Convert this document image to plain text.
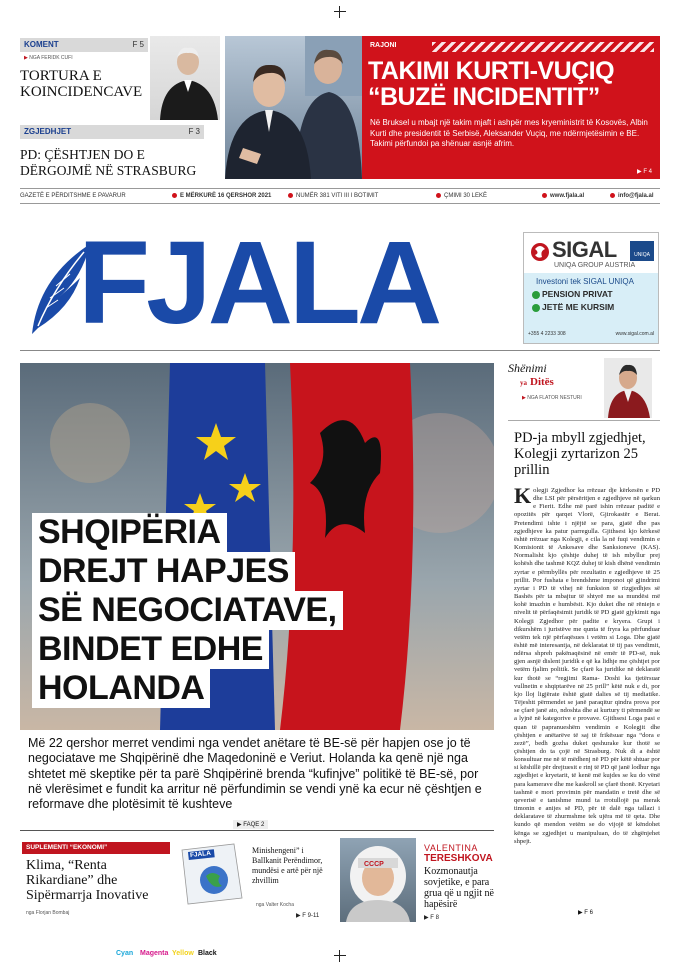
KOMENT	F 5
▶ NGA FERIDK CUFI
TORTURA E KOINCIDENCAVE
ZGJEDHJET	F 3
PD: ÇËSHTJEN DO E DËRGOJMË NË STRASBURG
RAJONI
TAKIMI KURTI-VUÇIQ
“BUZË INCIDENTIT”

Në Bruksel u mbajt një takim mjaft i ashpër mes kryeministrit të Kosovës, Albin Kurti dhe presidentit të Serbisë, Aleksander Vuçiq, me ndërmjetësimin e BE. Takimi përfundoi pa shënuar asnjë afrim.

▶ F 4
GAZETË E PËRDITSHME E PAVARUR	E MËRKURË 16 QERSHOR 2021	NUMËR 381 VITI III I BOTIMIT	ÇMIMI 30 LEKË	www.fjala.al	info@fjala.al
FJALA	SIGAL
UNIQA GROUP AUSTRIA
UNIQA
Investoni tek SIGAL UNIQA
PENSION PRIVAT
JETË ME KURSIM
+355 4 2233 308	www.sigal.com.al
SHQIPËRIA
DREJT HAPJES
SË NEGOCIATAVE,
BINDET EDHE
HOLANDA
Më 22 qershor merret vendimi nga vendet anëtare të BE-së për hapjen ose jo të negociatave me Shqipërinë dhe Maqedoninë e Veriut. Holanda ka qenë një nga shtetet më skeptike për ta parë Shqipërinë brenda “kufinjve” politikë të BE-së, por në vlerësimet e fundit ka arritur në përfundimin se vendi ynë ka ecur në çështjen e reformave dhe plotësimit të kushteve
▶ FAQE 2
Shënimi
ya Ditës
▶ NGA FLATOR NESTURI
PD-ja mbyll zgjedhjet, Kolegji zyrtarizon 25 prillin
Kolegji Zgjedhor ka rrëzuar dje kërkesën e PD dhe LSI për përsëritjen e zgjedhjeve në qarkun e Fierit. Edhe më parë ishin rrëzuar paditë e opozitës për qarqet Vlorë, Gjirokastër e Berat. Pretendimi ishte i njëjtë se para, gjatë dhe pas zgjedhjeve ka patur parregulla. Gjithsesi kjo kërkesë është rrëzuar nga Kolegji, e cila la në fuqi vendimin e Komisionit të Ankesave dhe Sanksioneve (KAS). Normalisht kjo çështje duhej të ish mbyllur prej kohësh dhe tashmë KQZ duhej të kish dhënë vendimin zyrtar e përmbyllës për rezultatin e zgjedhjeve të 25 prillit. Por fushata e brendshme imponoi që gjindrimi zyrtar i PD të vihej në funksion të rizgjedhjes së Bashës për ta mbajtur të shtyrë me sa mundësi më kohë imazhin e humbësit. Kjo duket dhe në rëniejn e nivelit të përfaqësimit juridik të PD gjatë gjykimit nga Kolegji Zgjedhor për padite e kryera. Grupi i dikurshëm i juristëve me qunta të fryra ka përfunduar vetëm tek një përfaqësues i vetëm si Loga. Dhe gjatë është më interesantja, në deklaratat të tij pas vendimit, ndërsa shpreh pakënaqësinë në emër të PD-së, nuk gjen asnjë dislent juridik e që ka lidhje me çështjet por vetëm fjalim politik. Se çfarë ka juridike në deklaratë kur thotë se “regjimi Rama- Doshi ka tjetërsuar vullnetin e shqiptarëve në 25 prill” këtë nuk e di, por kjo lloj ligjërate është gjatë dalies së tij mediatike. Tëjeshtt përmendet se janë paraqitur qindra prova por se çfarë janë ato, ndoshta dhe ai kurtury ti përmendë se a lyjnë në kategorive e provave. Gjithsesi Loga pasi e quan të papranueshëm vendimin e Kolegjit dhe çështjen e anëtarëve të saj të frikësuar nga “dora e zezë”, bedh gozha duket qeshurake kur thotë se çështjen do ta çojë në Strasburg. Nuk di a është konsultuar me në të mëdhenj në PD për këtë shtuar por si këshillë për drejtuesit e rinj të PD që janë lodhur nga zgjedhjet e kryetarit, të kenë më kujdes se ku do vënë para kamerave dhe me kaskroll se çfarë thonë. Kryetari tashmë e mori provimin për mandatin e tretë dhe së qeverisë e tanishme mund ta rrotullojë pa merak timonin e anijes së PD, për të dalë nga tallazi i deklaratave të zhurmshme tek ujëra më të qeta. Dhe kundo që mendon vetëm se do vijojë të këndohet kënga se zgjedhjet u manipuluan, do të zhgënjehet shpejt.
▶ F 6
SUPLEMENTI “EKONOMI”
Klima, “Renta Rikardiane” dhe Sipërmarrja Inovative
nga Florjan Bombaj
FJALA	Minishengeni” i Ballkanit Perëndimor, mundësi e artë për një zhvillim
nga Valter Kocha
▶ F 9-11
CCCP
VALENTINA
TERESHKOVA
Kozmonautja sovjetike, e para grua që u ngjit në hapësirë
▶ F 8
Cyan Magenta Yellow Black
